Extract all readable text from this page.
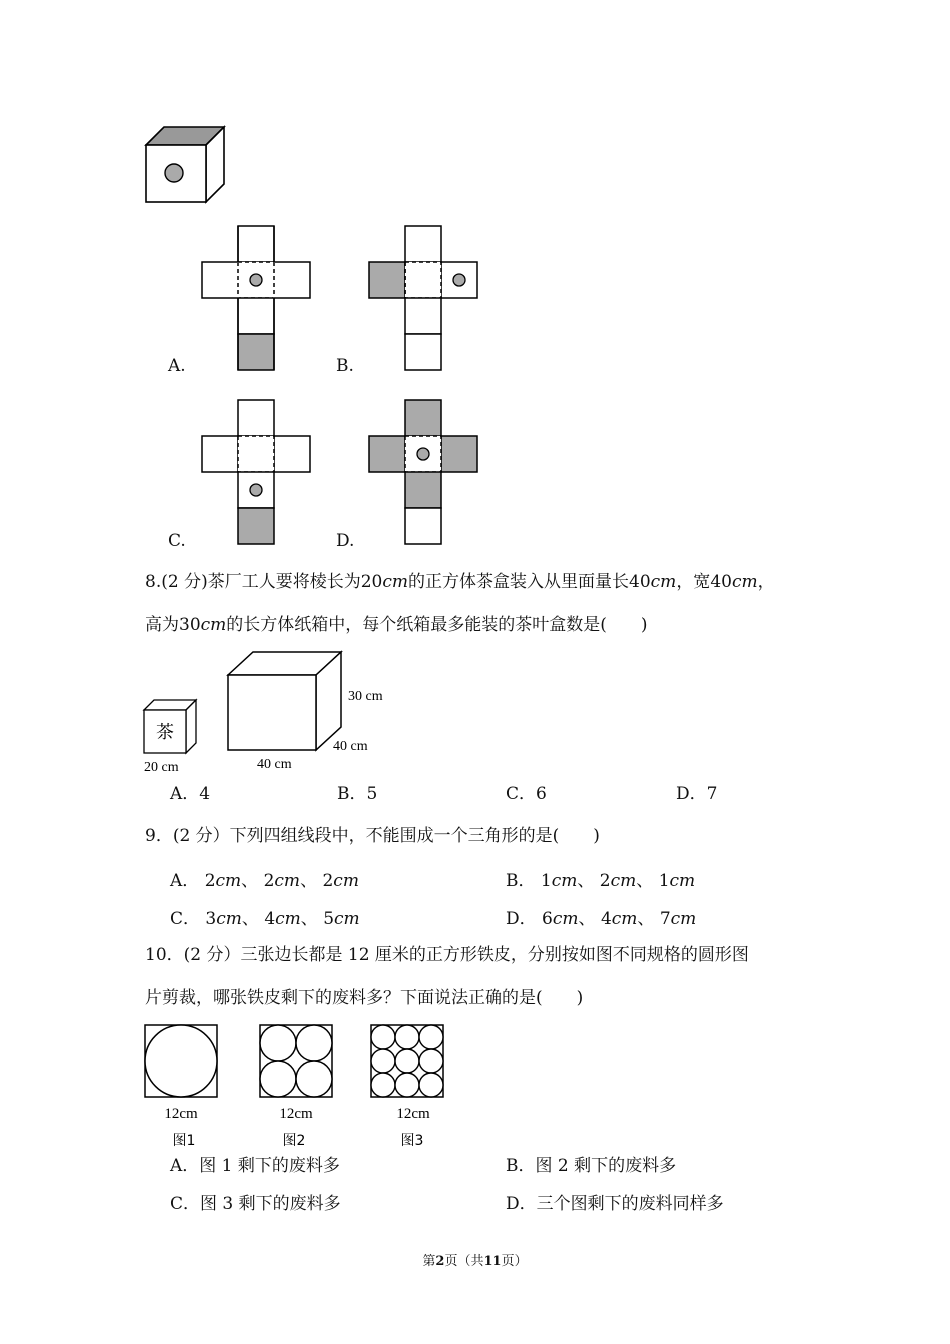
A.	B.
C.	D.
8.(2 分)茶厂工人要将棱长为20cm的正方体茶盒装入从里面量长40cm，宽40cm，
高为30cm的长方体纸箱中，每个纸箱最多能装的茶叶盒数是(　　)
茶
20 cm
30 cm
40 cm
40 cm
A．4	B．5	C．6	D．7
9．(2 分）下列四组线段中，不能围成一个三角形的是(　　)
A． 2cm、 2cm、 2cm	B． 1cm、 2cm、 1cm
C． 3cm、 4cm、 5cm	D． 6cm、 4cm、 7cm
10．(2 分）三张边长都是 12 厘米的正方形铁皮，分别按如图不同规格的圆形图
片剪裁，哪张铁皮剩下的废料多？下面说法正确的是(　　)
12cm	12cm	12cm
图1	图2	图3
A．图 1 剩下的废料多	B．图 2 剩下的废料多
C．图 3 剩下的废料多	D．三个图剩下的废料同样多
第2页（共11页）
